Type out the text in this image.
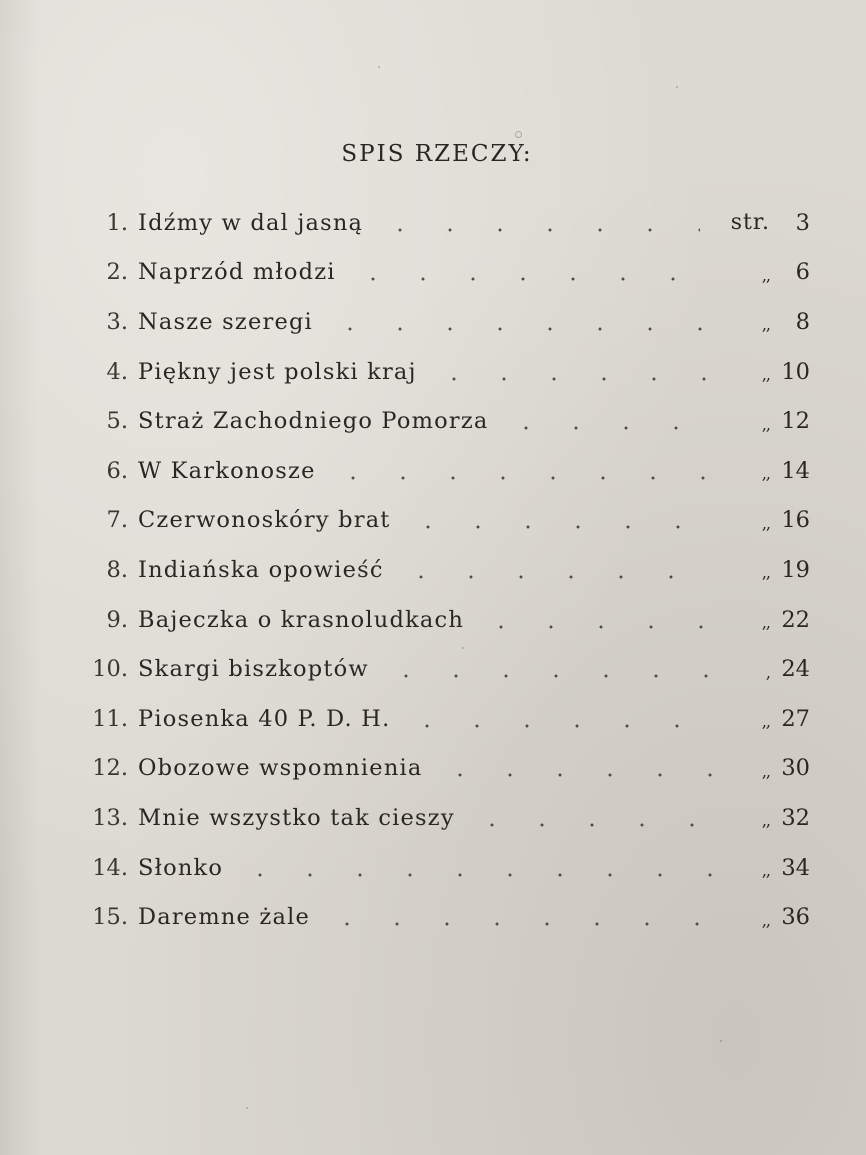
SPIS RZECZY:
1. Idźmy w dal jasną	str.	3
2. Naprzód młodzi	,,	6
3. Nasze szeregi	,,	8
4. Piękny jest polski kraj	,, 10
5. Straż Zachodniego Pomorza	,, 12
6. W Karkonosze	,, 14
7. Czerwonoskóry brat	,, 16
8. Indiańska opowieść	,, 19
9. Bajeczka o krasnoludkach	,, 22
10. Skargi biszkoptów	, 24
11. Piosenka 40 P. D. H.	,, 27
12. Obozowe wspomnienia	,, 30
13. Mnie wszystko tak cieszy	,, 32
14. Słonko	,, 34
15. Daremne żale	,, 36
